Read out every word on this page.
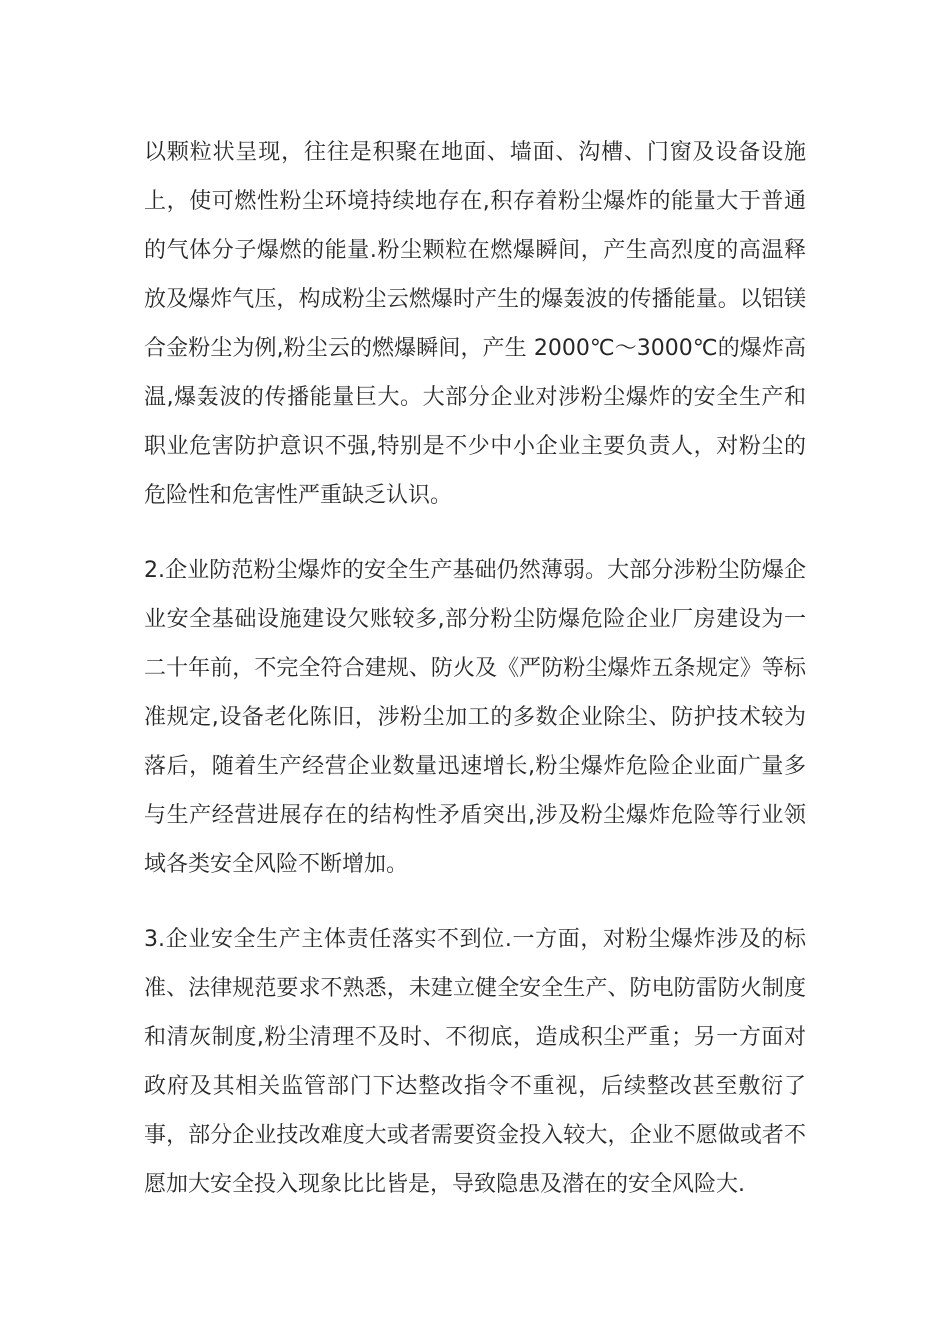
以颗粒状呈现，往往是积聚在地面、墙面、沟槽、门窗及设备设施上，使可燃性粉尘环境持续地存在,积存着粉尘爆炸的能量大于普通的气体分子爆燃的能量.粉尘颗粒在燃爆瞬间，产生高烈度的高温释放及爆炸气压，构成粉尘云燃爆时产生的爆轰波的传播能量。以铝镁合金粉尘为例,粉尘云的燃爆瞬间，产生 2000℃～3000℃的爆炸高温,爆轰波的传播能量巨大。大部分企业对涉粉尘爆炸的安全生产和职业危害防护意识不强,特别是不少中小企业主要负责人，对粉尘的危险性和危害性严重缺乏认识。

2.企业防范粉尘爆炸的安全生产基础仍然薄弱。大部分涉粉尘防爆企业安全基础设施建设欠账较多,部分粉尘防爆危险企业厂房建设为一二十年前，不完全符合建规、防火及《严防粉尘爆炸五条规定》等标准规定,设备老化陈旧，涉粉尘加工的多数企业除尘、防护技术较为落后，随着生产经营企业数量迅速增长,粉尘爆炸危险企业面广量多与生产经营进展存在的结构性矛盾突出,涉及粉尘爆炸危险等行业领域各类安全风险不断增加。

3.企业安全生产主体责任落实不到位.一方面，对粉尘爆炸涉及的标准、法律规范要求不熟悉，未建立健全安全生产、防电防雷防火制度和清灰制度,粉尘清理不及时、不彻底，造成积尘严重；另一方面对政府及其相关监管部门下达整改指令不重视，后续整改甚至敷衍了事，部分企业技改难度大或者需要资金投入较大，企业不愿做或者不愿加大安全投入现象比比皆是，导致隐患及潜在的安全风险大.
